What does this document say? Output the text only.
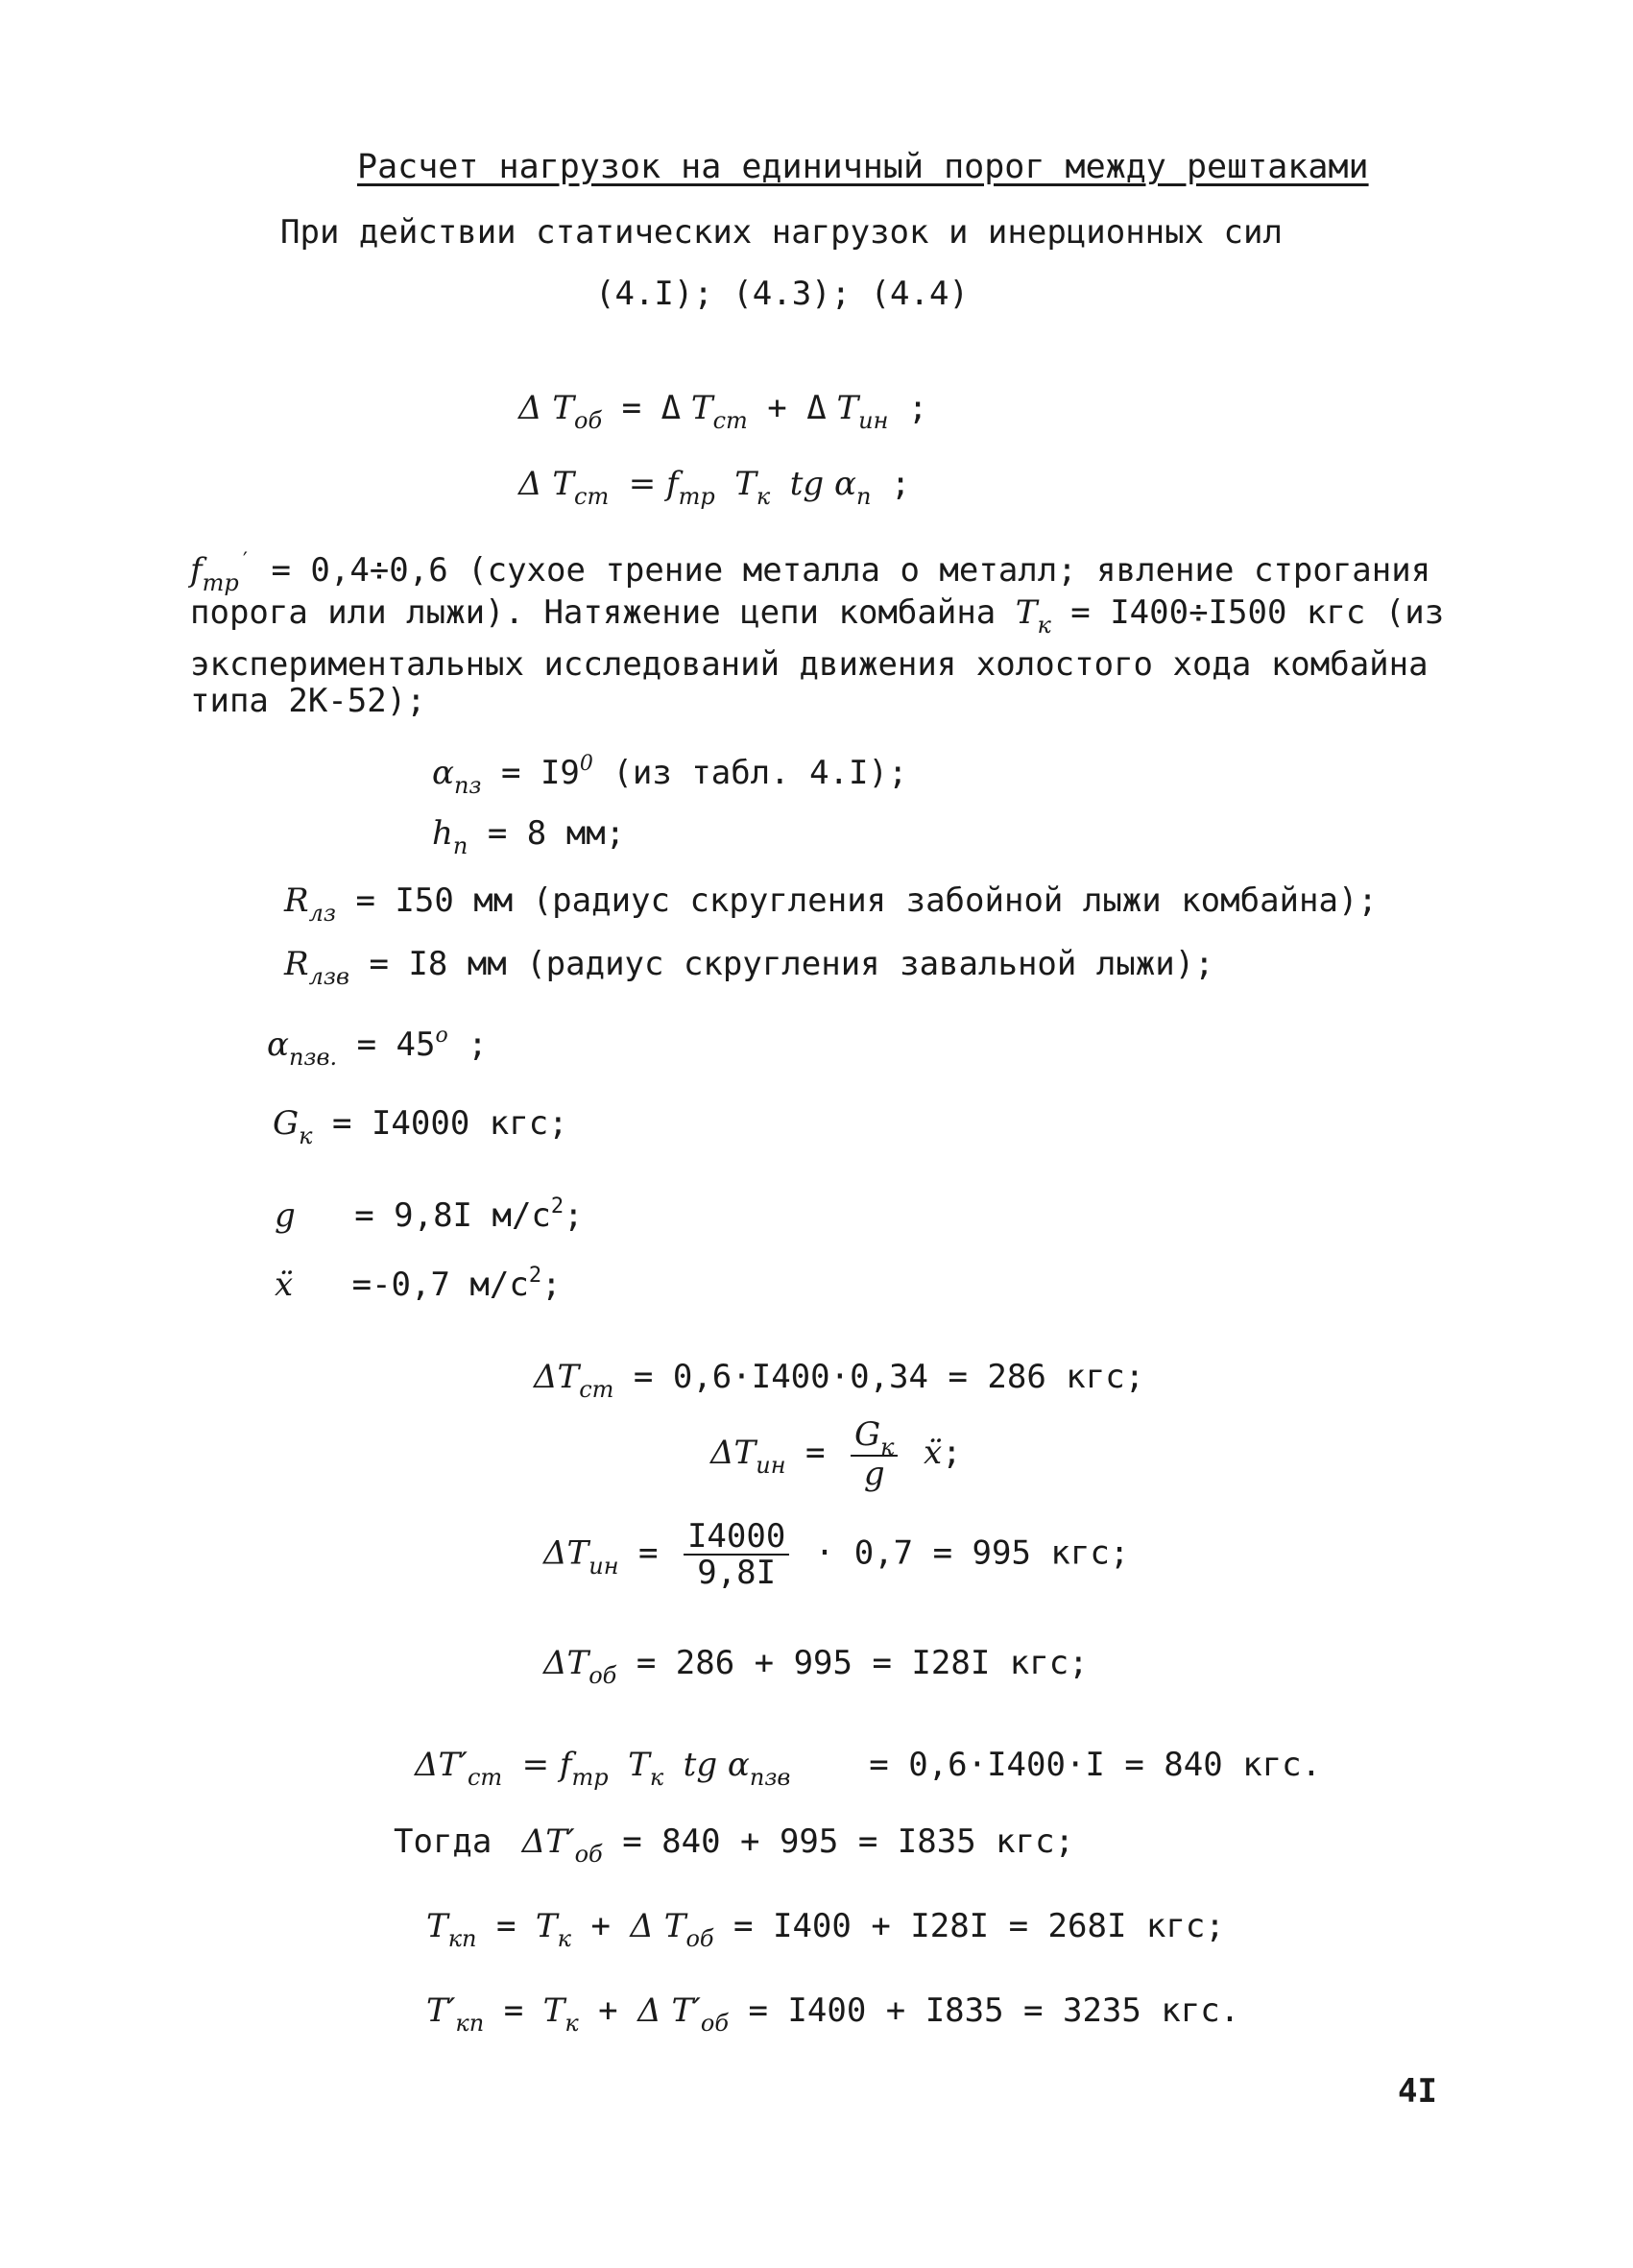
Расчет нагрузок на единичный порог между рештаками
При действии статических нагрузок и инерционных сил
(4.I); (4.3); (4.4)
Δ $T_{об} = \Delta$ $T_{ст} + \Delta$ $T_{ин}$ ;
Δ $T_{ст} = f_{тр}$ $T_к$ tg $\alpha_п$ ;
$f_{тр}' = 0,4\div 0,6$ (сухое трение металла о металл; явление строгания
порога или лыжи). Натяжение цепи комбайна $T_к = I400\div I500$ кгс (из
экспериментальных исследований движения холостого хода комбайна
типа 2К-52);
$\alpha_{пз} = I9^0$ (из табл. 4.I);
$h_п = 8$ мм;
$R_{лз} = I50$ мм (радиус скругления забойной лыжи комбайна);
$R_{лзв} = I8$ мм (радиус скругления завальной лыжи);
$\alpha_{пзв.} = 45^о$ ;
$G_к = I4000$ кгс;
g = 9,8I $м/с^2$;
ẍ =-0,7 $м/с^2$;
$\Delta T_{ст} = 0,6\cdot I400\cdot 0,34 = 286$ кгс;
$\Delta T_{ин} = \frac{G_к}{g}$ ẍ;
$\Delta T_{ин} = \frac{I4000}{9,8I} \cdot 0,7 = 995$ кгс;
$\Delta T_{об} = 286 + 995 = I28I$ кгс;
$\Delta T'_{ст} = f_{тр}$ $T_к$ tg $\alpha_{пзв} = 0,6\cdot I400\cdot I = 840$ кгс.
Тогда  $\Delta T'_{об} = 840 + 995 = I835$ кгс;
$T_{кп} = T_к + \Delta$ $T_{об} = I400 + I28I = 268I$ кгс;
$T'_{кп} = T_к + \Delta$ $T'_{об} = I400 + I835 = 3235$ кгс.
4I
